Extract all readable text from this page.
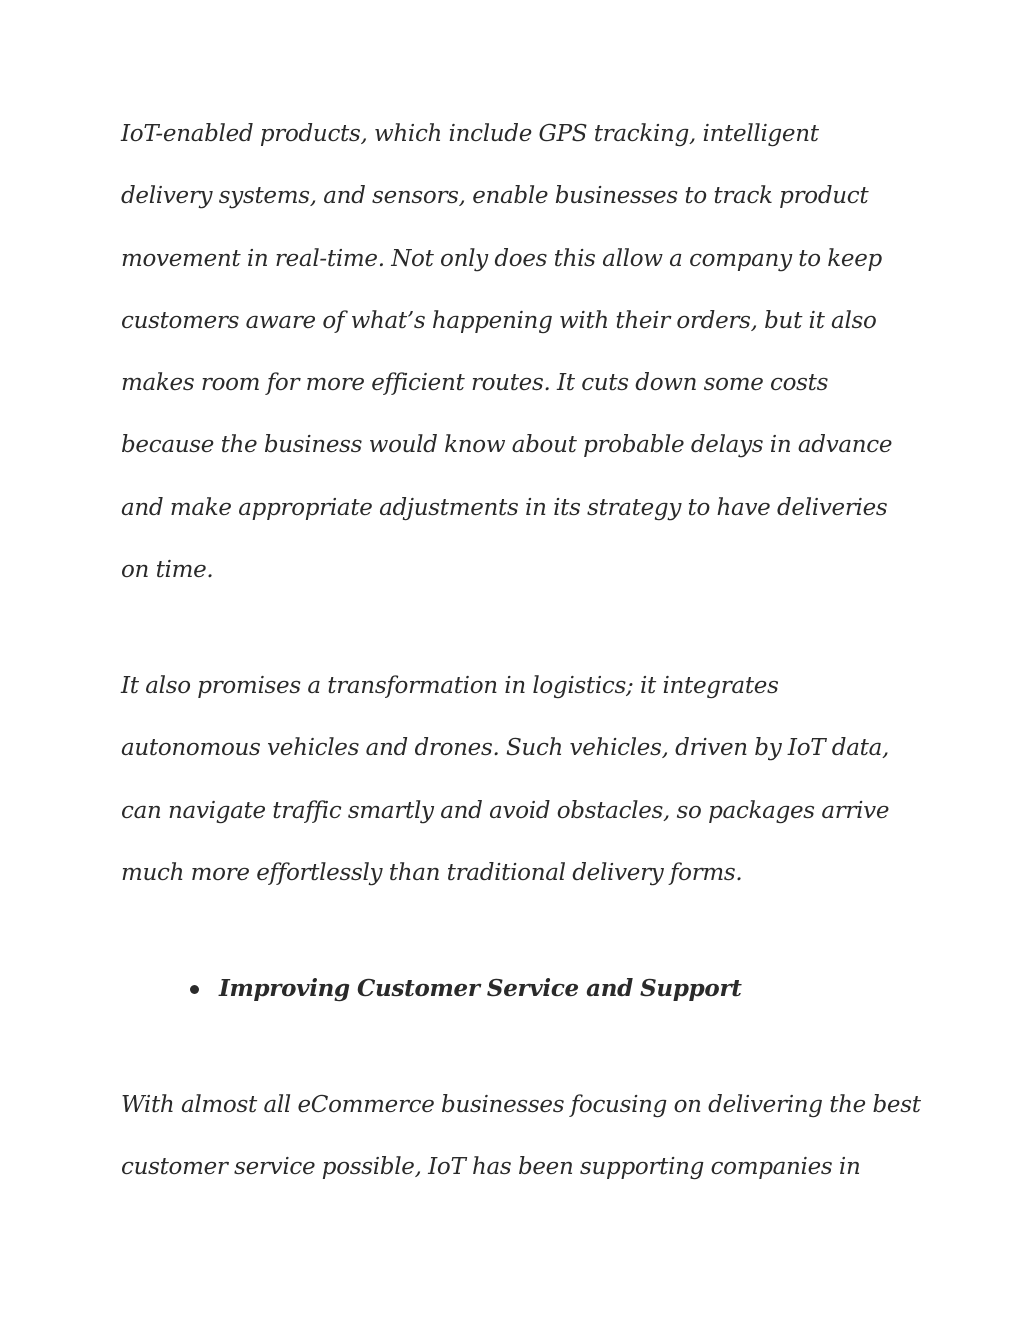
IoT-enabled products, which include GPS tracking, intelligent
delivery systems, and sensors, enable businesses to track product
movement in real-time. Not only does this allow a company to keep
customers aware of what’s happening with their orders, but it also
makes room for more efficient routes. It cuts down some costs
because the business would know about probable delays in advance
and make appropriate adjustments in its strategy to have deliveries
on time.

It also promises a transformation in logistics; it integrates
autonomous vehicles and drones. Such vehicles, driven by IoT data,
can navigate traffic smartly and avoid obstacles, so packages arrive
much more effortlessly than traditional delivery forms.

Improving Customer Service and Support

With almost all eCommerce businesses focusing on delivering the best
customer service possible, IoT has been supporting companies in
